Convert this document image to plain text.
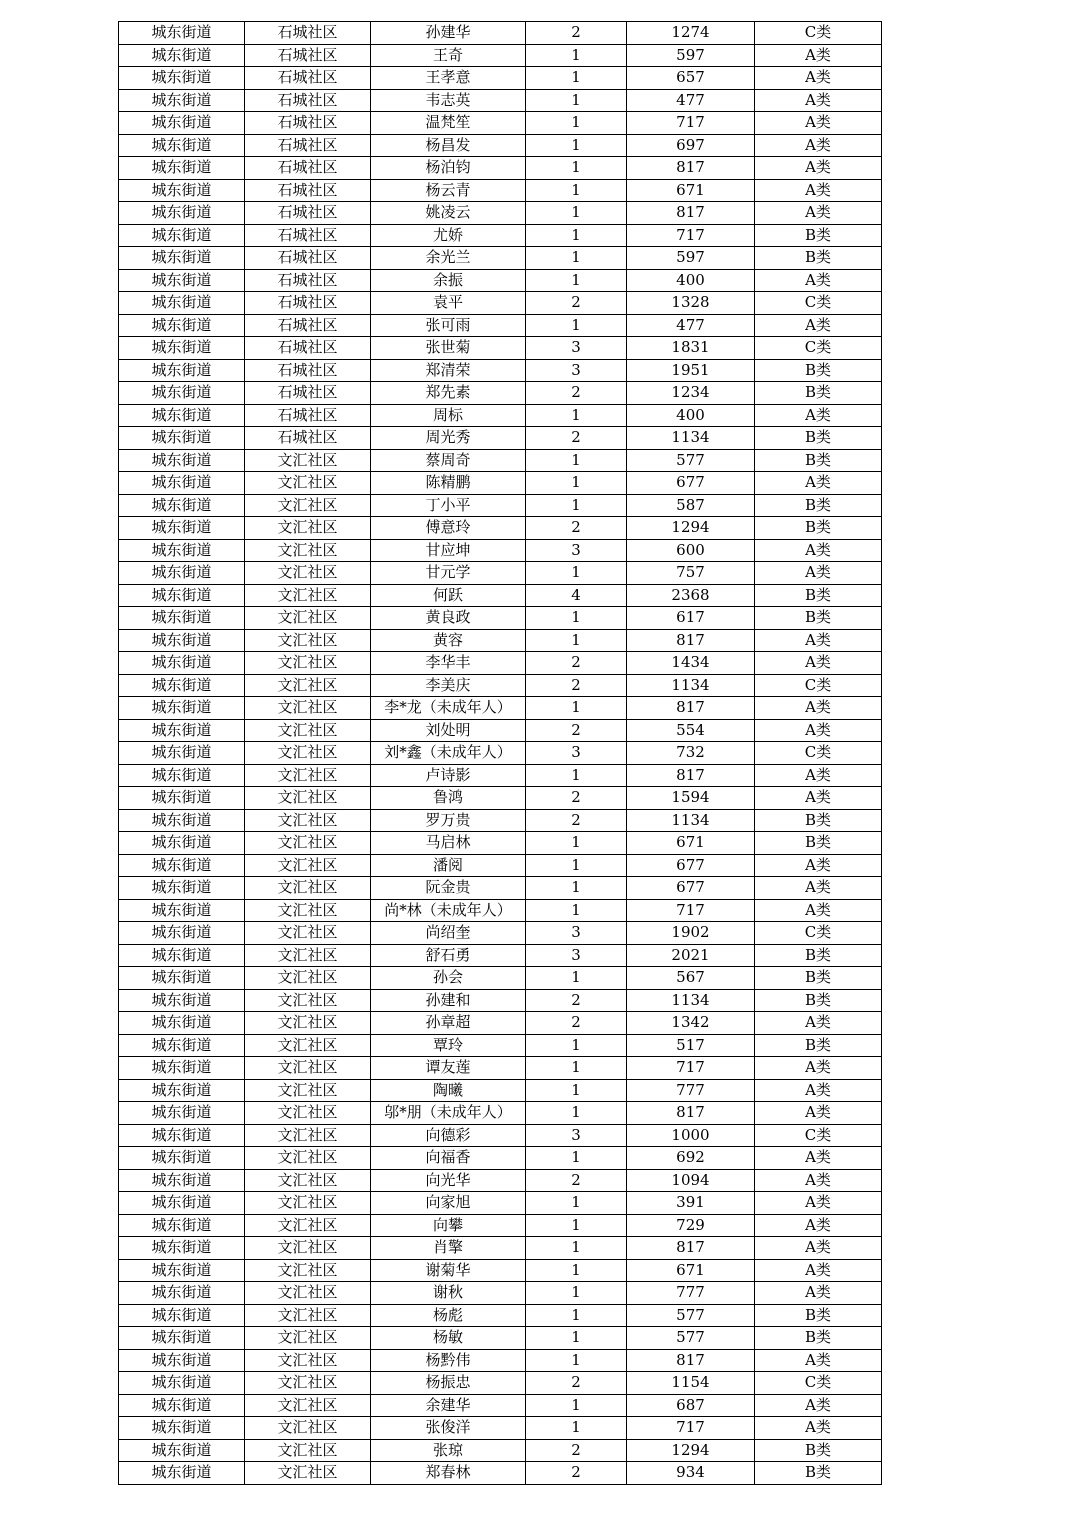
城东街道	石城社区	孙建华	2	1274	C类
城东街道	石城社区	王奇	1	597	A类
城东街道	石城社区	王孝意	1	657	A类
城东街道	石城社区	韦志英	1	477	A类
城东街道	石城社区	温梵笙	1	717	A类
城东街道	石城社区	杨昌发	1	697	A类
城东街道	石城社区	杨泊钧	1	817	A类
城东街道	石城社区	杨云青	1	671	A类
城东街道	石城社区	姚凌云	1	817	A类
城东街道	石城社区	尤娇	1	717	B类
城东街道	石城社区	余光兰	1	597	B类
城东街道	石城社区	余振	1	400	A类
城东街道	石城社区	袁平	2	1328	C类
城东街道	石城社区	张可雨	1	477	A类
城东街道	石城社区	张世菊	3	1831	C类
城东街道	石城社区	郑清荣	3	1951	B类
城东街道	石城社区	郑先素	2	1234	B类
城东街道	石城社区	周标	1	400	A类
城东街道	石城社区	周光秀	2	1134	B类
城东街道	文汇社区	蔡周奇	1	577	B类
城东街道	文汇社区	陈精鹏	1	677	A类
城东街道	文汇社区	丁小平	1	587	B类
城东街道	文汇社区	傅意玲	2	1294	B类
城东街道	文汇社区	甘应坤	3	600	A类
城东街道	文汇社区	甘元学	1	757	A类
城东街道	文汇社区	何跃	4	2368	B类
城东街道	文汇社区	黄良政	1	617	B类
城东街道	文汇社区	黄容	1	817	A类
城东街道	文汇社区	李华丰	2	1434	A类
城东街道	文汇社区	李美庆	2	1134	C类
城东街道	文汇社区	李*龙（未成年人）	1	817	A类
城东街道	文汇社区	刘处明	2	554	A类
城东街道	文汇社区	刘*鑫（未成年人）	3	732	C类
城东街道	文汇社区	卢诗影	1	817	A类
城东街道	文汇社区	鲁鸿	2	1594	A类
城东街道	文汇社区	罗万贵	2	1134	B类
城东街道	文汇社区	马启林	1	671	B类
城东街道	文汇社区	潘阅	1	677	A类
城东街道	文汇社区	阮金贵	1	677	A类
城东街道	文汇社区	尚*林（未成年人）	1	717	A类
城东街道	文汇社区	尚绍奎	3	1902	C类
城东街道	文汇社区	舒石勇	3	2021	B类
城东街道	文汇社区	孙会	1	567	B类
城东街道	文汇社区	孙建和	2	1134	B类
城东街道	文汇社区	孙章超	2	1342	A类
城东街道	文汇社区	覃玲	1	517	B类
城东街道	文汇社区	谭友莲	1	717	A类
城东街道	文汇社区	陶曦	1	777	A类
城东街道	文汇社区	邬*朋（未成年人）	1	817	A类
城东街道	文汇社区	向德彩	3	1000	C类
城东街道	文汇社区	向福香	1	692	A类
城东街道	文汇社区	向光华	2	1094	A类
城东街道	文汇社区	向家旭	1	391	A类
城东街道	文汇社区	向攀	1	729	A类
城东街道	文汇社区	肖擎	1	817	A类
城东街道	文汇社区	谢菊华	1	671	A类
城东街道	文汇社区	谢秋	1	777	A类
城东街道	文汇社区	杨彪	1	577	B类
城东街道	文汇社区	杨敏	1	577	B类
城东街道	文汇社区	杨黔伟	1	817	A类
城东街道	文汇社区	杨振忠	2	1154	C类
城东街道	文汇社区	余建华	1	687	A类
城东街道	文汇社区	张俊洋	1	717	A类
城东街道	文汇社区	张琼	2	1294	B类
城东街道	文汇社区	郑春林	2	934	B类
